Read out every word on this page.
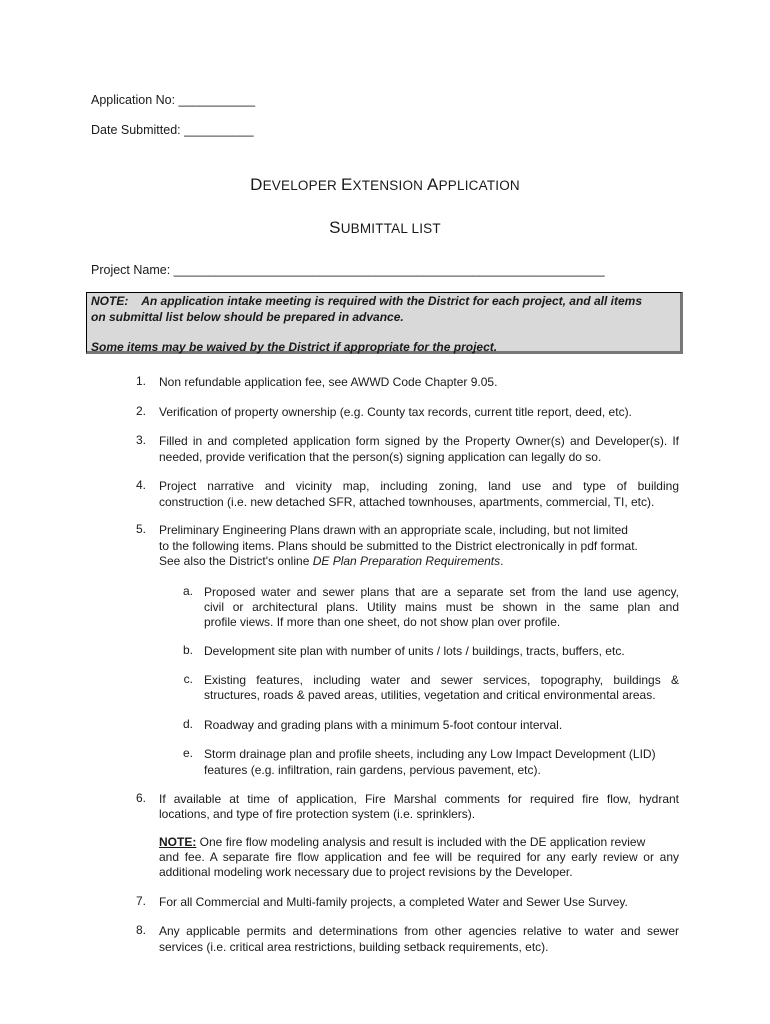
Application No: ___________
Date Submitted: __________
DEVELOPER EXTENSION APPLICATION
SUBMITTAL LIST
Project Name: ______________________________________________________________
NOTE:    An application intake meeting is required with the District for each project, and all items
on submittal list below should be prepared in advance.
Some items may be waived by the District if appropriate for the project.
1. Non refundable application fee, see AWWD Code Chapter 9.05.
2. Verification of property ownership (e.g. County tax records, current title report, deed, etc).
3. Filled in and completed application form signed by the Property Owner(s) and Developer(s). If
needed, provide verification that the person(s) signing application can legally do so.
4. Project narrative and vicinity map, including zoning, land use and type of building
construction (i.e. new detached SFR, attached townhouses, apartments, commercial, TI, etc).
5. Preliminary Engineering Plans drawn with an appropriate scale, including, but not limited
to the following items. Plans should be submitted to the District electronically in pdf format.
See also the District's online DE Plan Preparation Requirements.
a. Proposed water and sewer plans that are a separate set from the land use agency,
civil or architectural plans. Utility mains must be shown in the same plan and
profile views. If more than one sheet, do not show plan over profile.
b. Development site plan with number of units / lots / buildings, tracts, buffers, etc.
c. Existing features, including water and sewer services, topography, buildings &
structures, roads & paved areas, utilities, vegetation and critical environmental areas.
d. Roadway and grading plans with a minimum 5-foot contour interval.
e. Storm drainage plan and profile sheets, including any Low Impact Development (LID)
features (e.g. infiltration, rain gardens, pervious pavement, etc).
6. If available at time of application, Fire Marshal comments for required fire flow, hydrant
locations, and type of fire protection system (i.e. sprinklers).
NOTE: One fire flow modeling analysis and result is included with the DE application review
and fee. A separate fire flow application and fee will be required for any early review or any
additional modeling work necessary due to project revisions by the Developer.
7. For all Commercial and Multi-family projects, a completed Water and Sewer Use Survey.
8. Any applicable permits and determinations from other agencies relative to water and sewer
services (i.e. critical area restrictions, building setback requirements, etc).
